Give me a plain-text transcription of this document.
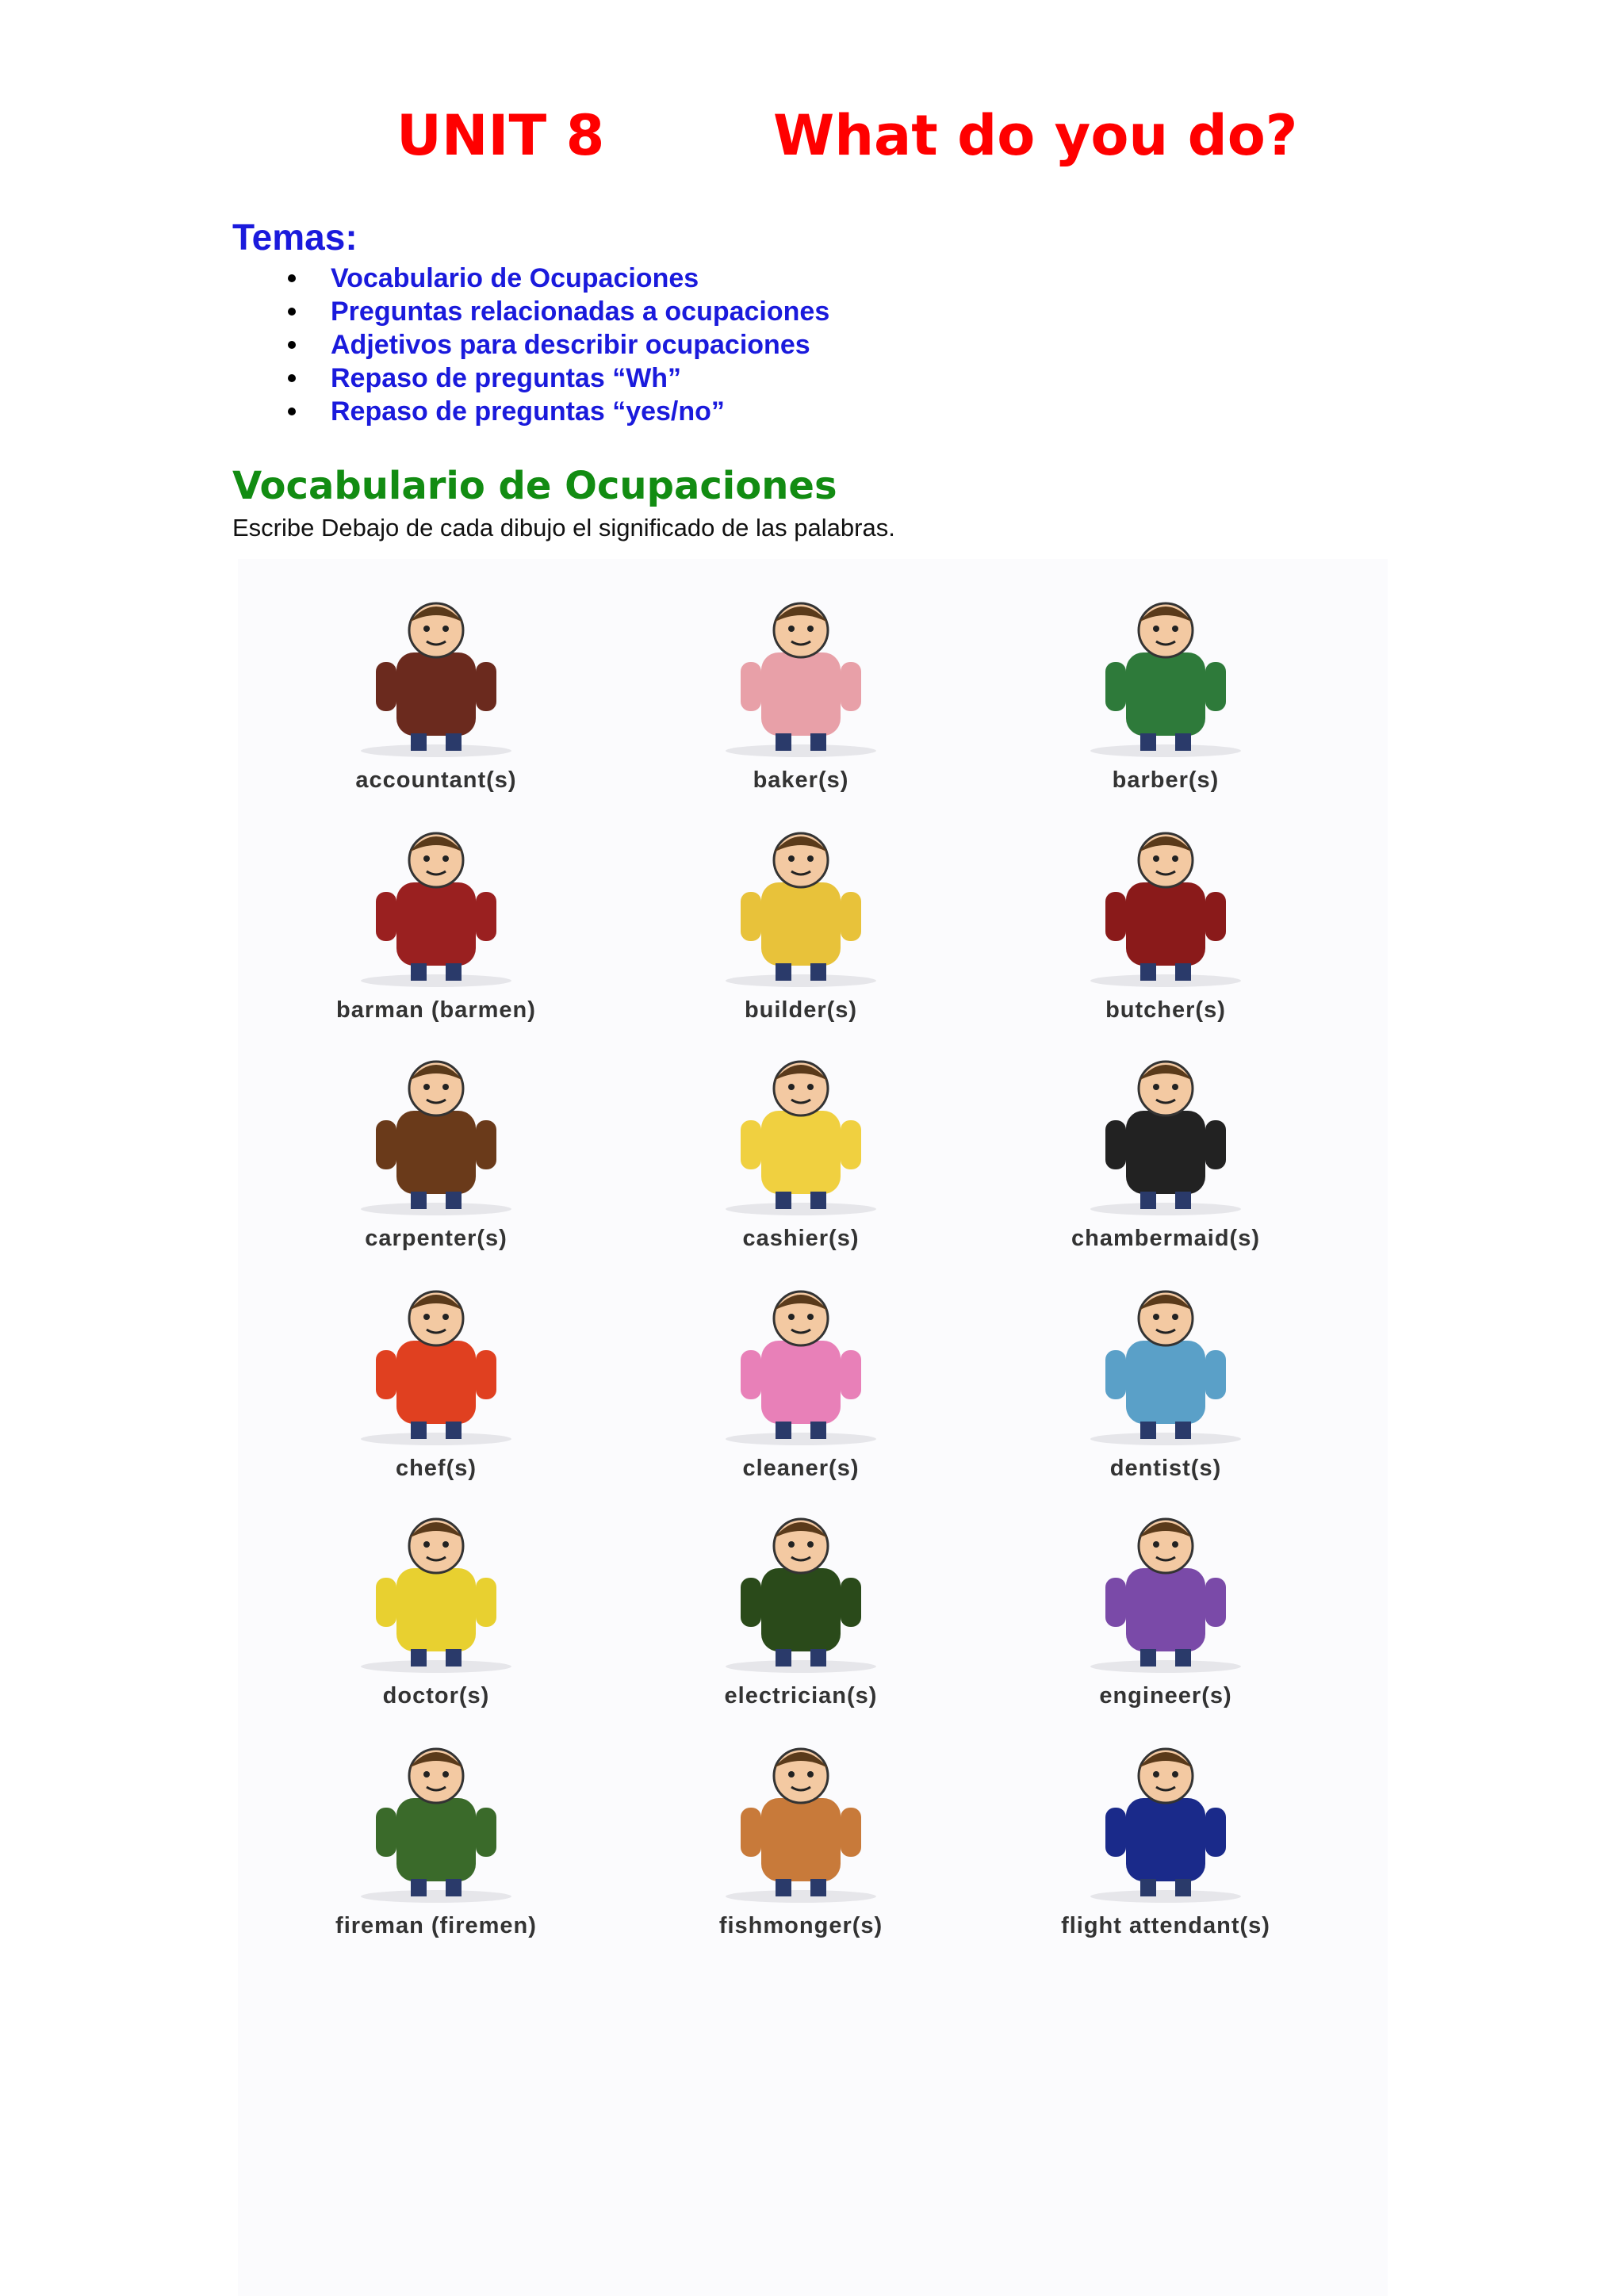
UNIT 8	What do you do?
Temas:
Vocabulario de Ocupaciones
Preguntas relacionadas a ocupaciones
Adjetivos para describir ocupaciones
Repaso de preguntas “Wh”
Repaso de preguntas “yes/no”
Vocabulario de Ocupaciones
Escribe Debajo de cada dibujo el significado de las palabras.
accountant(s)	baker(s)	barber(s)
barman (barmen)	builder(s)	butcher(s)
carpenter(s)	cashier(s)	chambermaid(s)
chef(s)	cleaner(s)	dentist(s)
doctor(s)	electrician(s)	engineer(s)
fireman (firemen)	fishmonger(s)	flight attendant(s)
